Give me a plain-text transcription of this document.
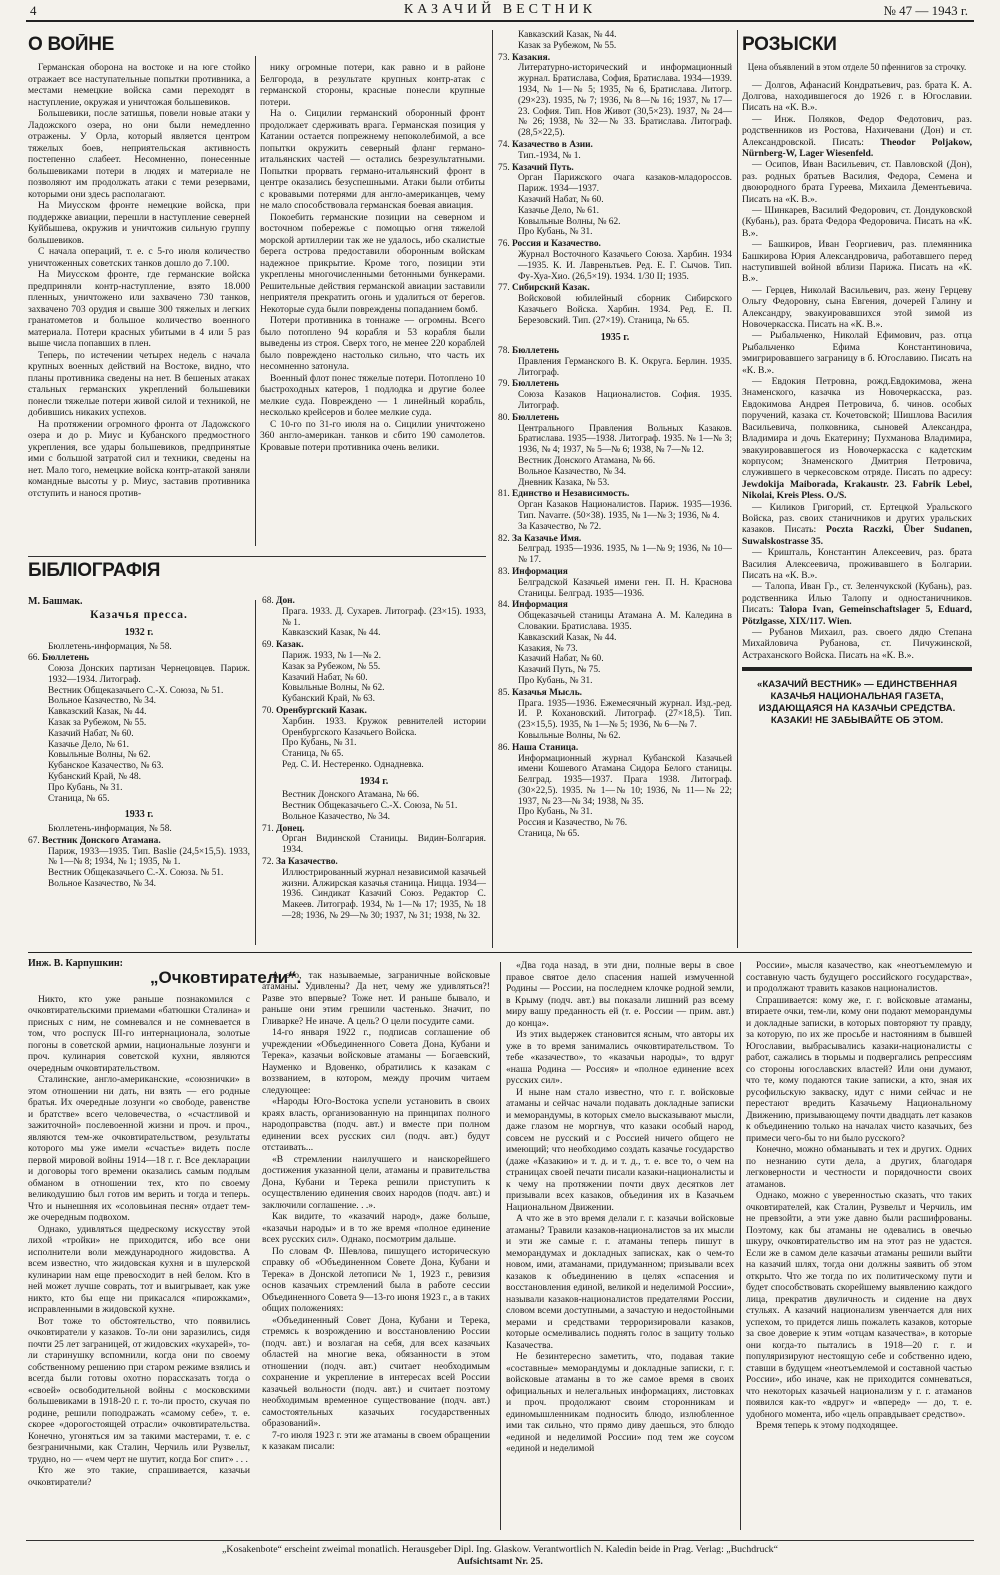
4	КАЗАЧИЙ ВЕСТНИК	№ 47 — 1943 г.
О ВОЙНЕ

Германская оборона на востоке и на юге стойко отражает все наступательные попытки противника, а местами немецкие войска сами переходят в наступление, окружая и уничтожая большевиков.

Большевики, после затишья, повели новые атаки у Ладожского озера, но они были немедленно отражены. У Орла, который является центром тяжелых боев, неприятельская активность постепенно слабеет. Несомненно, понесенные большевиками потери в людях и материале не позволяют им продолжать атаки с теми резервами, которыми они здесь располагают.

На Миусском фронте немецкие войска, при поддержке авиации, перешли в наступление северней Куйбышева, окружив и уничтожив сильную группу большевиков.

С начала операций, т. е. с 5-го июля количество уничтоженных советских танков дошло до 7.100.

На Миусском фронте, где германские войска предприняли контр-наступление, взято 18.000 пленных, уничтожено или захвачено 730 танков, захвачено 703 орудия и свыше 300 тяжелых и легких гранатометов и большое количество военного материала. Потери красных убитыми в 4 или 5 раз выше числа попавших в плен.

Теперь, по истечении четырех недель с начала крупных военных действий на Востоке, видно, что планы противника сведены на нет. В бешеных атаках стальных германских укреплений большевики понесли тяжелые потери живой силой и техникой, не добившись никаких успехов.

На протяжении огромного фронта от Ладожского озера и до р. Миус и Кубанского предмостного укрепления, все удары большевиков, предпринятые ими с большой затратой сил и техники, сведены на нет. Мало того, немецкие войска контр-атакой заняли командные высоты у р. Миус, заставив противника отступить и нанося против-

нику огромные потери, как равно и в районе Белгорода, в результате крупных контр-атак с германской стороны, красные понесли крупные потери.

На о. Сицилии германский оборонный фронт продолжает сдерживать врага. Германская позиция у Катании остается попрежнему непоколебимой, а все попытки окружить северный фланг германо-итальянских частей — остались безрезультатными. Попытки прорвать германо-итальянский фронт в центре оказались безуспешными. Атаки были отбиты с кровавыми потерями для англо-американцев, чему не мало способствовала германская боевая авиация.

Покоебить германские позиции на северном и восточном побережье с помощью огня тяжелой морской артиллерии так же не удалось, ибо скалистые берега острова предоставили оборонным войскам надежное прикрытие. Кроме того, позиции эти укреплены многочисленными бетонными бункерами. Решительные действия германской авиации заставили неприятеля прекратить огонь и удалиться от берегов. Некоторые суда были повреждены попаданием бомб.

Потери противника в тоннаже — огромны. Всего было потоплено 94 корабля и 53 корабля были выведены из строя. Сверх того, не менее 220 кораблей было повреждено настолько сильно, что часть их несомненно затонула.

Военный флот понес тяжелые потери. Потоплено 10 быстроходных катеров, 1 подлодка и другие более мелкие суда. Повреждено — 1 линейный корабль, несколько крейсеров и более мелкие суда.

С 10-го по 31-го июля на о. Сицилии уничтожено 360 англо-американ. танков и сбито 190 самолетов. Кровавые потери противника очень велики.

БIБЛIОГРАФIЯ
М. Башмак.
Казачья пресса.
1932 г.
Бюллетень-информация, № 58.
66. Бюллетень
Союза Донских партизан Чернецовцев. Париж. 1932—1934. Литограф.
Вестник Общеказачьего С.-Х. Союза, № 51.
Вольное Казачество, № 34.
Кавказский Казак, № 44.
Казак за Рубежом, № 55.
Казачий Набат, № 60.
Казачье Дело, № 61.
Ковыльные Волны, № 62.
Кубанское Казачество, № 63.
Кубанский Край, № 48.
Про Кубань, № 31.
Станица, № 65.
1933 г.
Бюллетень-информация, № 58.
67. Вестник Донского Атамана.
Париж, 1933—1935. Тип. Baslie (24,5×15,5). 1933, № 1—№ 8; 1934, № 1; 1935, № 1.
Вестник Общеказачьего С.-Х. Союза. № 51.
Вольное Казачество, № 34.
68. Дон.
Прага. 1933. Д. Сухарев. Литограф. (23×15). 1933, № 1.
Кавказский Казак, № 44.
69. Казак.
Париж. 1933, № 1—№ 2.
Казак за Рубежом, № 55.
Казачий Набат, № 60.
Ковыльные Волны, № 62.
Кубанский Край, № 63.
70. Оренбургский Казак.
Харбин. 1933. Кружок ревнителей истории Оренбургского Казачьего Войска.
Про Кубань, № 31.
Станица, № 65.
Ред. С. И. Нестеренко. Однадневка.
1934 г.
Вестник Донского Атамана, № 66.
Вестник Общеказачьего С.-Х. Союза, № 51.
Вольное Казачество, № 34.
71. Донец.
Орган Видинской Станицы. Видин-Болгария. 1934.
72. За Казачество.
Иллюстрированный журнал независимой казачьей жизни. Алжирская казачья станица. Ницца. 1934—1936. Синдикат Казачий Союз. Редактор С. Макеев. Литограф. 1934, № 1—№ 17; 1935, № 18—28; 1936, № 29—№ 30; 1937, № 31; 1938, № 32.
Кавказский Казак, № 44.
Казак за Рубежом, № 55.
73. Казакия.
Литературно-исторический и информационный журнал. Братислава, София, Братислава. 1934—1939. 1934, № 1—№ 5; 1935, № 6, Братислава. Литогр. (29×23). 1935, № 7; 1936, № 8—№ 16; 1937, № 17—23. София. Тип. Нов Живот (30,5×23). 1937, № 24—№ 26; 1938, № 32—№ 33. Братислава. Литограф. (28,5×22,5).
74. Казачество в Азии.
Тип.-1934, № 1.
75. Казачий Путь.
Орган Парижского очага казаков-младороссов. Париж. 1934—1937.
Казачий Набат, № 60.
Казачье Дело, № 61.
Ковыльные Волны, № 62.
Про Кубань, № 31.
76. Россия и Казачество.
Журнал Восточного Казачьего Союза. Харбин. 1934—1935. К. И. Лавреньтьев. Ред. Е. Г. Сычов. Тип. Фу-Хуа-Хио. (26,5×19). 1934. 1/30 II; 1935.
77. Сибирский Казак.
Войсковой юбилейный сборник Сибирского Казачьего Войска. Харбин. 1934. Ред. Е. П. Березовский. Тип. (27×19). Станица, № 65.
1935 г.
78. Бюллетень
Правления Германского В. К. Округа. Берлин. 1935. Литограф.
79. Бюллетень
Союза Казаков Националистов. София. 1935. Литограф.
80. Бюллетень
Центрального Правления Вольных Казаков. Братислава. 1935—1938. Литограф. 1935. № 1—№ 3; 1936, № 4; 1937, № 5—№ 6; 1938, № 7—№ 12.
Вестник Донского Атамана, № 66.
Вольное Казачество, № 34.
Дневник Казака, № 53.
81. Единство и Независимость.
Орган Казаков Националистов. Париж. 1935—1936. Тип. Navarre. (50×38). 1935, № 1—№ 3; 1936, № 4.
За Казачество, № 72.
82. За Казачье Имя.
Белград. 1935—1936. 1935, № 1—№ 9; 1936, № 10—№ 17.
83. Информация
Белградской Казачьей имени ген. П. Н. Краснова Станицы. Белград. 1935—1936.
84. Информация
Общеказачьей станицы Атамана А. М. Каледина в Словакии. Братислава. 1935.
Кавказский Казак, № 44.
Казакия, № 73.
Казачий Набат, № 60.
Казачий Путь, № 75.
Про Кубань, № 31.
85. Казачья Мысль.
Прага. 1935—1936. Ежемесячный журнал. Изд.-ред. И. Р. Кохановский. Литограф. (27×18,5). Тип. (23×15,5). 1935, № 1—№ 5; 1936, № 6—№ 7.
Ковыльные Волны, № 62.
86. Наша Станица.
Информационный журнал Кубанской Казачьей имени Кошевого Атамана Сидора Белого станицы. Белград. 1935—1937. Прага 1938. Литограф. (30×22,5). 1935. № 1—№ 10; 1936, № 11—№ 22; 1937, № 23—№ 34; 1938, № 35.
Про Кубань, № 31.
Россия и Казачество, № 76.
Станица, № 65.
РОЗЫСКИ
Цена объявлений в этом отделе 50 пфеннигов за строчку.

— Долгов, Афанасий Кондратьевич, раз. брата К. А. Долгова, находившегося до 1926 г. в Югославии. Писать на «К. В.».

— Инж. Поляков, Федор Федотович, раз. родственников из Ростова, Нахичевани (Дон) и ст. Александровской. Писать: Theodor Poljakow, Nürnberg-W, Lager Wiesenfeld.

— Осипов, Иван Васильевич, ст. Павловской (Дон), раз. родных братьев Василия, Федора, Семена и двоюродного брата Гуреева, Михаила Дементьевича. Писать на «К. В.».

— Шинкарев, Василий Федорович, ст. Дондуковской (Кубань), раз. брата Федора Федоровича. Писать на «К. В.».

— Башкиров, Иван Георгиевич, раз. племянника Башкирова Юрия Александровича, работавшего перед наступившей войной вблизи Парижа. Писать на «К. В.».

— Герцев, Николай Васильевич, раз. жену Герцеву Ольгу Федоровну, сына Евгения, дочерей Галину и Александру, эвакуировавшихся этой зимой из Новочеркасска. Писать на «К. В.».

— Рыбальченко, Николай Ефимович, раз. отца Рыбальченко Ефима Константиновича, эмигрировавшего заграницу в б. Югославию. Писать на «К. В.».

— Евдокия Петровна, рожд.Евдокимова, жена Знаменского, казачка из Новочеркасска, раз. Евдокимова Андрея Петровича, б. чинов. особых поручений, казака ст. Кочетовской; Шишлова Василия Васильевича, полковника, сыновей Александра, Владимира и дочь Екатерину; Пухманова Владимира, эвакуировавшегося из Новочеркасска с кадетским корпусом; Знаменского Дмитрия Петровича, служившего в черкесовском отряде. Писать по адресу: Jewdokija Maiborada, Krakaustr. 23. Fabrik Lebel, Nikolai, Kreis Pless. O./S.

— Киликов Григорий, ст. Ертецкой Уральского Войска, раз. своих станичников и других уральских казаков. Писать: Poczta Raczki, Über Sudanen, Suwalskostrasse 35.

— Кришталь, Константин Алексеевич, раз. брата Василия Алексеевича, проживавшего в Болгарии. Писать на «К. В.».

— Талопа, Иван Гр., ст. Зеленчукской (Кубань), раз. родственника Илью Талопу и одностаничников. Писать: Talopa Ivan, Gemeinschaftslager 5, Eduard, Pötzlgasse, XIX/117. Wien.

— Рубанов Михаил, раз. своего дядю Степана Михайловича Рубанова, ст. Пичужинской, Астраханского Войска. Писать на «К. В.».

«КАЗАЧИЙ ВЕСТНИК» — ЕДИНСТВЕННАЯ КАЗАЧЬЯ НАЦИОНАЛЬНАЯ ГАЗЕТА, ИЗДАЮЩАЯСЯ НА КАЗАЧЬИ СРЕДСТВА. КАЗАКИ! НЕ ЗАБЫВАЙТЕ ОБ ЭТОМ.
Инж. В. Карпушкин:

Никто, кто уже раньше познакомился с очковтирательскими приемами «батюшки Сталина» и присных с ним, не сомневался и не сомневается в том, что роспуск III-го интернационала, золотые погоны в советской армии, национальные лозунги и проч. кулинария советской кухни, являются очередным очковтирательством.

Сталинские, англо-американские, «союзнички» в этом отношении ни дать, ни взять — его родные братья. Их очередные лозунги «о свободе, равенстве и братстве» всего человечества, о «счастливой и зажиточной» послевоенной жизни и проч. и проч., являются тем-же очковтирательством, результаты которого мы уже имели «счастье» видеть после первой мировой войны 1914—18 г. г. Все декларации и договоры того времени оказались самым подлым обманом в отношении тех, кто по своему великодушию был готов им верить и тогда и теперь. Что и нынешняя их «соловьиная песня» отдает тем-же очередным подвохом.

Однако, удивляться щедрескому искусству этой лихой «тройки» не приходится, ибо все они исполнители воли международного жидовства. А всем известно, что жидовская кухня и в шулерской кулинарии нам еще превосходит в ней белом. Кто в ней может лучше соврать, тот и выигрывает, как уже никто, кто бы еще ни прикасался «пирожками», исправленными в жидовской кухне.

Вот тоже то обстоятельство, что появились очковтиратели у казаков. То-ли они заразились, сидя почти 25 лет заграницей, от жидовских «кухарей», то-ли старинушку вспомнили, когда они по своему собственному решению при старом режиме взялись и всегда были готовы охотно порассказать тогда о «своей» освободительной войны с московскими большевиками в 1918-20 г. г. то-ли просто, скучая по родине, решили поподражать «самому себе», т. е. скорее «дорогостоящей отрасли» очковтирательства. Конечно, угоняться им за такими мастерами, т. е. с безграничными, как Сталин, Черчиль или Рузвельт, трудно, но — «чем черт не шутит, когда Бог спит» . . .

Кто же это такие, спрашивается, казачьи очковтиратели?

А это, так называемые, заграничные войсковые атаманы. Удивлены? Да нет, чему же удивляться?! Разве это впервые? Тоже нет. И раньше бывало, и раньше они этим грешили частенько. Значит, по Гливарке? Не иначе. А цель? О цели посудите сами.

14-го января 1922 г., подписав соглашение об учреждении «Объединенного Совета Дона, Кубани и Терека», казачьи войсковые атаманы — Богаевский, Науменко и Вдовенко, обратились к казакам с воззванием, в котором, между прочим читаем следующее:

«Народы Юго-Востока успели установить в своих краях власть, организованную на принципах полного народоправства (подч. авт.) и вместе при полном единении всех русских сил (подч. авт.) будут отстаивать...

«В стремлении наилучшего и наискорейшего достижения указанной цели, атаманы и правительства Дона, Кубани и Терека решили приступить к осуществлению единения своих народов (подч. авт.) и заключили соглашение. . .».

Как видите, то «казачий народ», даже больше, «казачьи народы» и в то же время «полное единение всех русских сил». Однако, посмотрим дальше.

По словам Ф. Шевлова, пишущего историческую справку об «Объединенном Совете Дона, Кубани и Терека» в Донской летописи № 1, 1923 г., ревизия основ казачьих стремлений была в работе сессии Объединенного Совета 9—13-го июня 1923 г., а в таких общих положениях:

«Объединенный Совет Дона, Кубани и Терека, стремясь к возрождению и восстановлению России (подч. авт.) и возлагая на себя, для всех казачьих областей на многие века, обязанности в этом отношении (подч. авт.) считает необходимым сохранение и укрепление в интересах всей России казачьей вольности (подч. авт.) и считает поэтому необходимым временное существование (подч. авт.) самостоятельных казачьих государственных образований».

7-го июля 1923 г. эти же атаманы в своем обращении к казакам писали:

„Очковтиратели“.

«Два года назад, в эти дни, полные веры в свое правое святое дело спасения нашей измученной Родины — России, на последнем клочке родной земли, в Крыму (подч. авт.) вы показали лишний раз всему миру вашу преданность ей (т. е. России — прим. авт.) до конца».

Из этих выдержек становится ясным, что авторы их уже в то время занимались очковтирательством. То тебе «казачество», то «казачьи народы», то вдруг «наша Родина — Россия» и «полное единение всех русских сил».

И ныне нам стало известно, что г. г. войсковые атаманы и сейчас начали подавать докладные записки и меморандумы, в которых смело высказывают мысли, даже глазом не моргнув, что казаки особый народ, совсем не русский и с Россией ничего общего не имеющий; что необходимо создать казачье государство (даже «Казакию» и т. д. и т. д., т. е. все то, о чем на страницах своей печати писали казаки-националисты и к чему на протяжении почти двух десятков лет призывали всех казаков, объединия их в Казачьем Национальном Движении.

А что же в это время делали г. г. казачьи войсковые атаманы? Травили казаков-националистов за их мысли и эти же самые г. г. атаманы теперь пишут в меморандумах и докладных записках, как о чем-то новом, ими, атаманами, придуманном; призывали всех казаков к объединению в целях «спасения и восстановления единой, великой и неделимой России», называли казаков-националистов предателями России, словом всеми доступными, а зачастую и недостойными мерами и средствами терроризировали казаков, которые осмеливались поднять голос в защиту только Казачества.

Не безинтересно заметить, что, подавая такие «составные» меморандумы и докладные записки, г. г. войсковые атаманы в то же самое время в своих официальных и нелегальных информациях, листовках и проч. продолжают своим сторонникам и единомышленникам подносить блюдо, излюбленное ими так сильно, что прямо диву даешься, это блюдо «единой и неделимой России» под тем же соусом «единой и неделимой

России», мысля казачество, как «неотъемлемую и составную часть будущего российского государства», и продолжают травить казаков националистов.

Спрашивается: кому же, г. г. войсковые атаманы, втираете очки, тем-ли, кому они подают меморандумы и докладные записки, в которых повторяют ту правду, за которую, по их же просьбе и настояниям в бывшей Югославии, выбрасывались казаки-националисты с работ, сажались в тюрьмы и подвергались репрессиям со стороны югославских властей? Или они думают, что те, кому подаются такие записки, а кто, зная их русофильскую закваску, идут с ними сейчас и не перестают вредить Казачьему Национальному Движению, призывающему почти двадцать лет казаков к объединению только на началах чисто казачьих, без примеси чего-бы то ни было русского?

Конечно, можно обманывать и тех и других. Одних по незнанию сути дела, а других, благодаря легковерности и честности и порядочности своих атаманов.

Однако, можно с уверенностью сказать, что таких очковтирателей, как Сталин, Рузвельт и Черчиль, им не превзойти, а эти уже давно были расшифрованы. Поэтому, как бы атаманы не одевались в овечью шкуру, очковтирательство им на этот раз не удастся. Если же в самом деле казачьи атаманы решили выйти на казачий шлях, тогда они должны заявить об этом открыто. Что же тогда по их политическому пути и будет способствовать скорейшему выявлению каждого лица, прекратив двуличность и сидение на двух стульях. А казачий национализм увенчается для них успехом, то придется лишь пожалеть казаков, которые за свое доверие к этим «отцам казачества», в которые они когда-то пытались в 1918—20 г. г. и популяризируют нестоящую себе и собственно идею, ставши в будущем «неотъемлемой и составной частью России», ибо иначе, как не приходится сомневаться, что некоторых казачьей национализм у г. г. атаманов появился как-то «вдруг» и «вперед» — до, т. е. удобного момента, ибо «цель оправдывает средство».

Время теперь к этому подходящее.

„Kosakenbote“ erscheint zweimal monatlich. Herausgeber Dipl. Ing. Glaskow. Verantwortlich N. Kaledin beide in Prag. Verlag: „Buchdruck“
Aufsichtsamt Nr. 25.
